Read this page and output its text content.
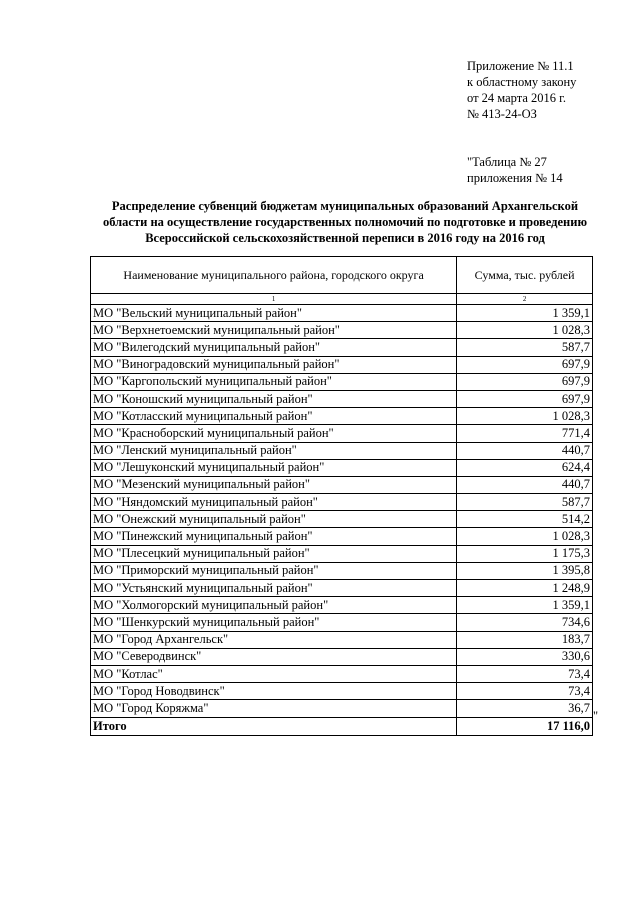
Приложение № 11.1
к областному закону
от 24 марта 2016 г.
№ 413-24-ОЗ
"Таблица № 27
приложения № 14
Распределение субвенций бюджетам муниципальных образований Архангельской
области на осуществление государственных полномочий по подготовке и проведению
Всероссийской сельскохозяйственной переписи в 2016 году на 2016 год
Наименование муниципального района, городского округа	Сумма, тыс. рублей
1	2
МО "Вельский муниципальный район"	1 359,1
МО "Верхнетоемский муниципальный район"	1 028,3
МО "Вилегодский муниципальный район"	587,7
МО "Виноградовский муниципальный район"	697,9
МО "Каргопольский муниципальный район"	697,9
МО "Коношский муниципальный район"	697,9
МО "Котласский муниципальный район"	1 028,3
МО "Красноборский муниципальный район"	771,4
МО "Ленский муниципальный район"	440,7
МО "Лешуконский муниципальный район"	624,4
МО "Мезенский муниципальный район"	440,7
МО "Няндомский муниципальный район"	587,7
МО "Онежский муниципальный район"	514,2
МО "Пинежский муниципальный район"	1 028,3
МО "Плесецкий муниципальный район"	1 175,3
МО "Приморский муниципальный район"	1 395,8
МО "Устьянский муниципальный район"	1 248,9
МО "Холмогорский муниципальный район"	1 359,1
МО "Шенкурский муниципальный район"	734,6
МО "Город Архангельск"	183,7
МО "Северодвинск"	330,6
МО "Котлас"	73,4
МО "Город Новодвинск"	73,4
МО "Город Коряжма"	36,7
Итого	17 116,0
"
